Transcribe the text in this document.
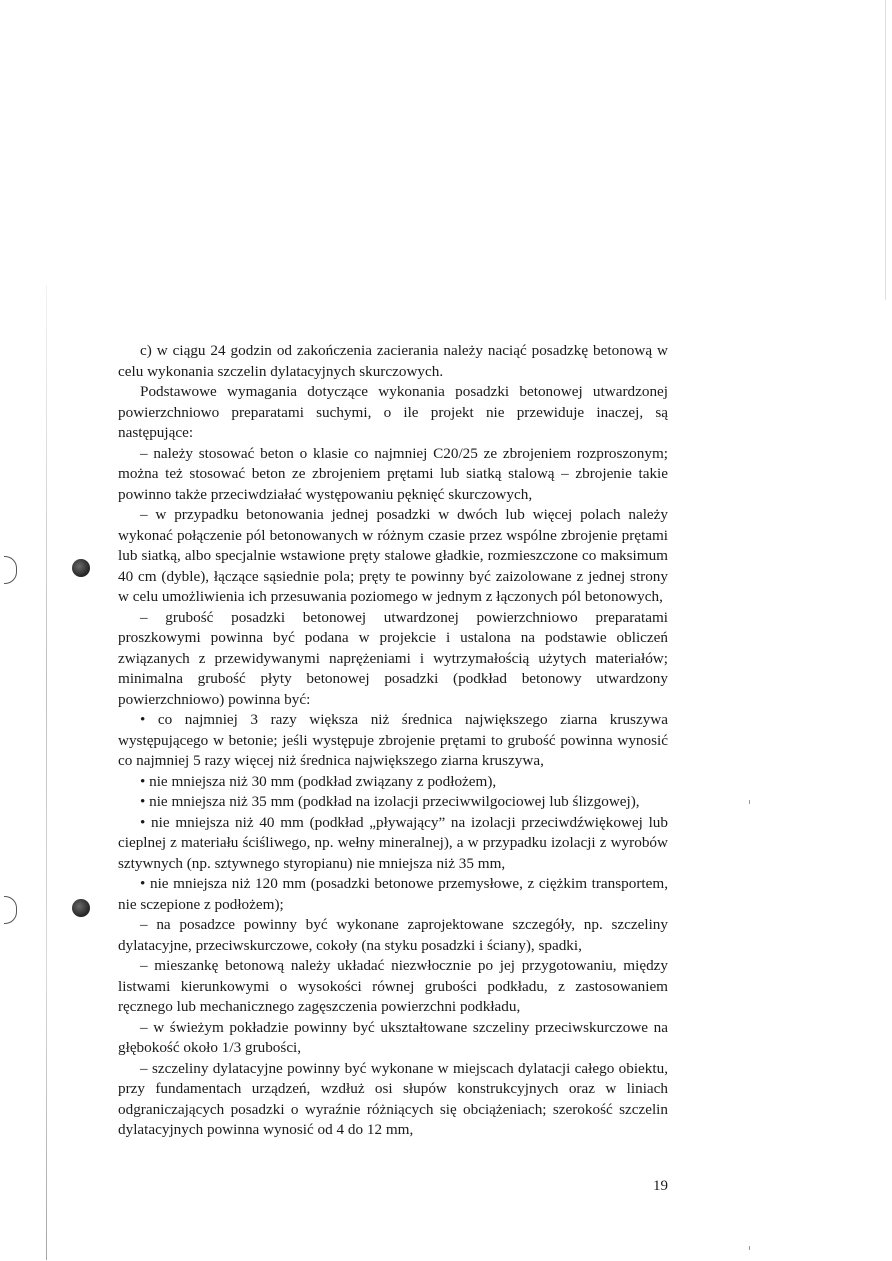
c) w ciągu 24 godzin od zakończenia zacierania należy naciąć posadzkę betonową w celu wykonania szczelin dylatacyjnych skurczowych.

Podstawowe wymagania dotyczące wykonania posadzki betonowej utwardzonej powierzchniowo preparatami suchymi, o ile projekt nie przewiduje inaczej, są następujące:

– należy stosować beton o klasie co najmniej C20/25 ze zbrojeniem rozproszonym; można też stosować beton ze zbrojeniem prętami lub siatką stalową – zbrojenie takie powinno także przeciwdziałać występowaniu pęknięć skurczowych,

– w przypadku betonowania jednej posadzki w dwóch lub więcej polach należy wykonać połączenie pól betonowanych w różnym czasie przez wspólne zbrojenie prętami lub siatką, albo specjalnie wstawione pręty stalowe gładkie, rozmieszczone co maksimum 40 cm (dyble), łączące sąsiednie pola; pręty te powinny być zaizolowane z jednej strony w celu umożliwienia ich przesuwania poziomego w jednym z łączonych pól betonowych,

– grubość posadzki betonowej utwardzonej powierzchniowo preparatami proszkowymi powinna być podana w projekcie i ustalona na podstawie obliczeń związanych z przewidywanymi naprężeniami i wytrzymałością użytych materiałów; minimalna grubość płyty betonowej posadzki (podkład betonowy utwardzony powierzchniowo) powinna być:

• co najmniej 3 razy większa niż średnica największego ziarna kruszywa występującego w betonie; jeśli występuje zbrojenie prętami to grubość powinna wynosić co najmniej 5 razy więcej niż średnica największego ziarna kruszywa,

• nie mniejsza niż 30 mm (podkład związany z podłożem),

• nie mniejsza niż 35 mm (podkład na izolacji przeciwwilgociowej lub ślizgowej),

• nie mniejsza niż 40 mm (podkład „pływający” na izolacji przeciwdźwiękowej lub cieplnej z materiału ściśliwego, np. wełny mineralnej), a w przypadku izolacji z wyrobów sztywnych (np. sztywnego styropianu) nie mniejsza niż 35 mm,

• nie mniejsza niż 120 mm (posadzki betonowe przemysłowe, z ciężkim transportem, nie sczepione z podłożem);

– na posadzce powinny być wykonane zaprojektowane szczegóły, np. szczeliny dylatacyjne, przeciwskurczowe, cokoły (na styku posadzki i ściany), spadki,

– mieszankę betonową należy układać niezwłocznie po jej przygotowaniu, między listwami kierunkowymi o wysokości równej grubości podkładu, z zastosowaniem ręcznego lub mechanicznego zagęszczenia powierzchni podkładu,

– w świeżym pokładzie powinny być ukształtowane szczeliny przeciwskurczowe na głębokość około 1/3 grubości,

– szczeliny dylatacyjne powinny być wykonane w miejscach dylatacji całego obiektu, przy fundamentach urządzeń, wzdłuż osi słupów konstrukcyjnych oraz w liniach odgraniczających posadzki o wyraźnie różniących się obciążeniach; szerokość szczelin dylatacyjnych powinna wynosić od 4 do 12 mm,

19
